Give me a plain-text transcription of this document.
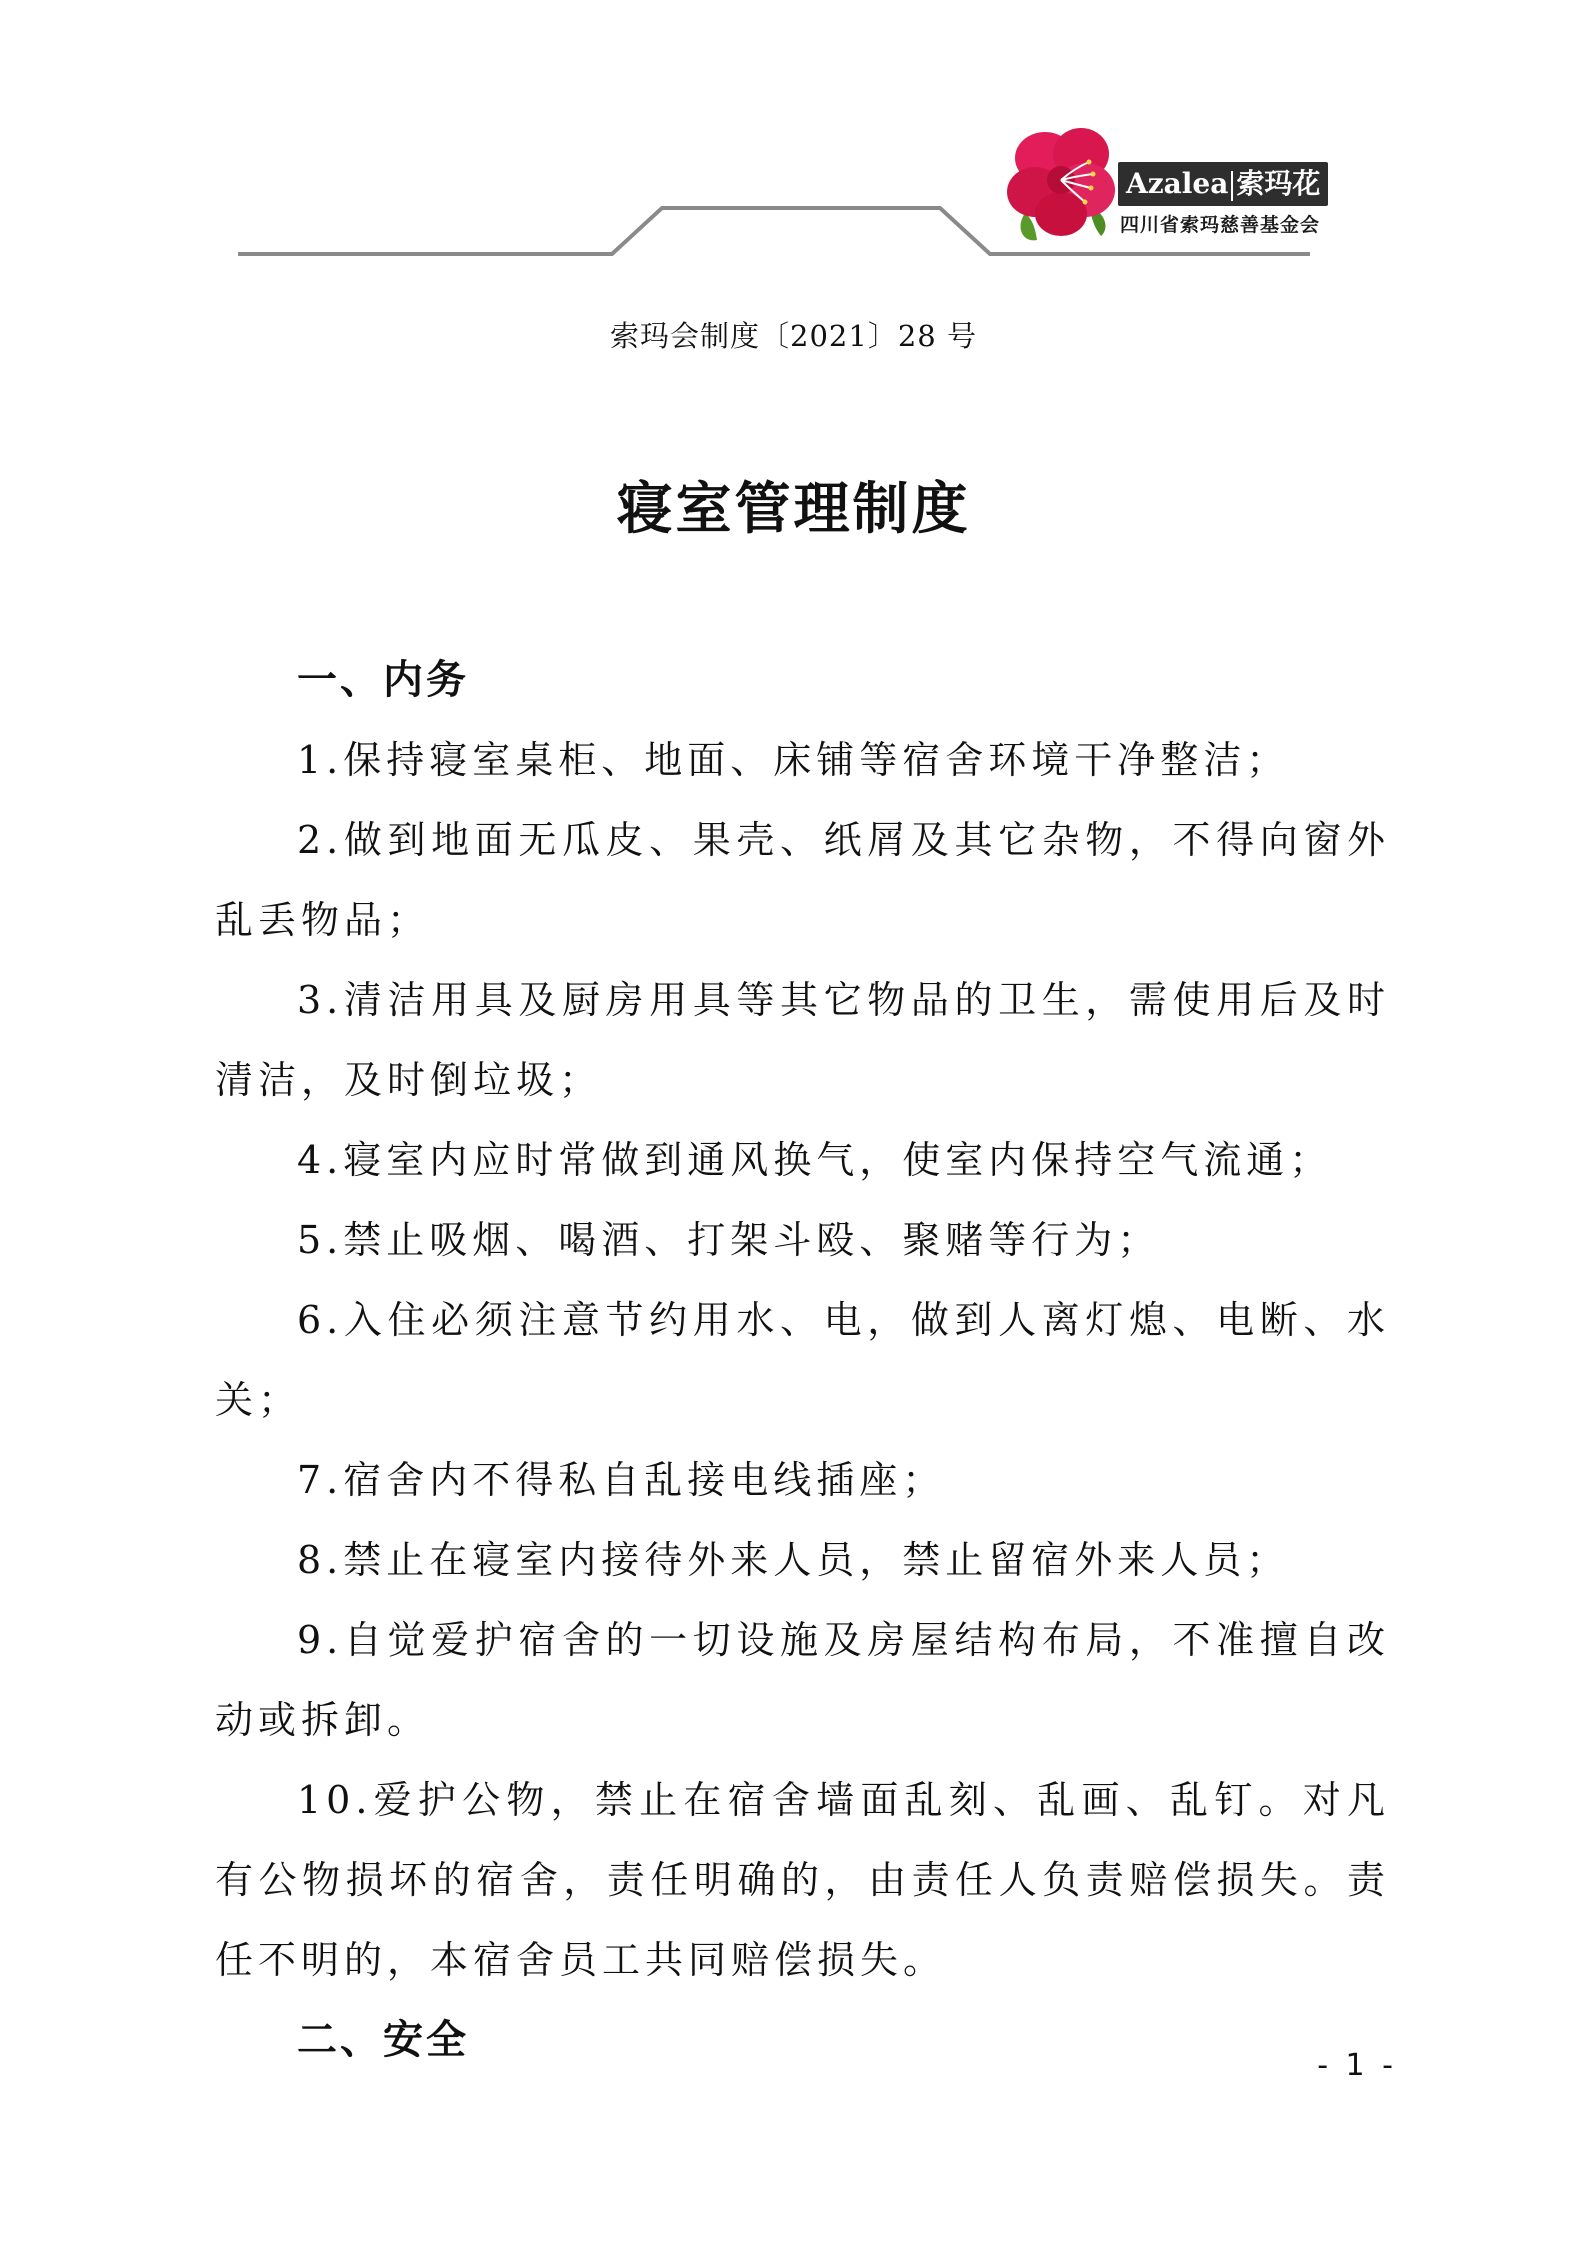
Azalea 索玛花
四川省索玛慈善基金会
索玛会制度〔2021〕28 号
寝室管理制度
一、内务

1.保持寝室桌柜、地面、床铺等宿舍环境干净整洁；

2.做到地面无瓜皮、果壳、纸屑及其它杂物，不得向窗外乱丢物品；

3.清洁用具及厨房用具等其它物品的卫生，需使用后及时清洁，及时倒垃圾；

4.寝室内应时常做到通风换气，使室内保持空气流通；

5.禁止吸烟、喝酒、打架斗殴、聚赌等行为；

6.入住必须注意节约用水、电，做到人离灯熄、电断、水关；

7.宿舍内不得私自乱接电线插座；

8.禁止在寝室内接待外来人员，禁止留宿外来人员；

9.自觉爱护宿舍的一切设施及房屋结构布局，不准擅自改动或拆卸。

10.爱护公物，禁止在宿舍墙面乱刻、乱画、乱钉。对凡有公物损坏的宿舍，责任明确的，由责任人负责赔偿损失。责任不明的，本宿舍员工共同赔偿损失。

二、安全
- 1 -
